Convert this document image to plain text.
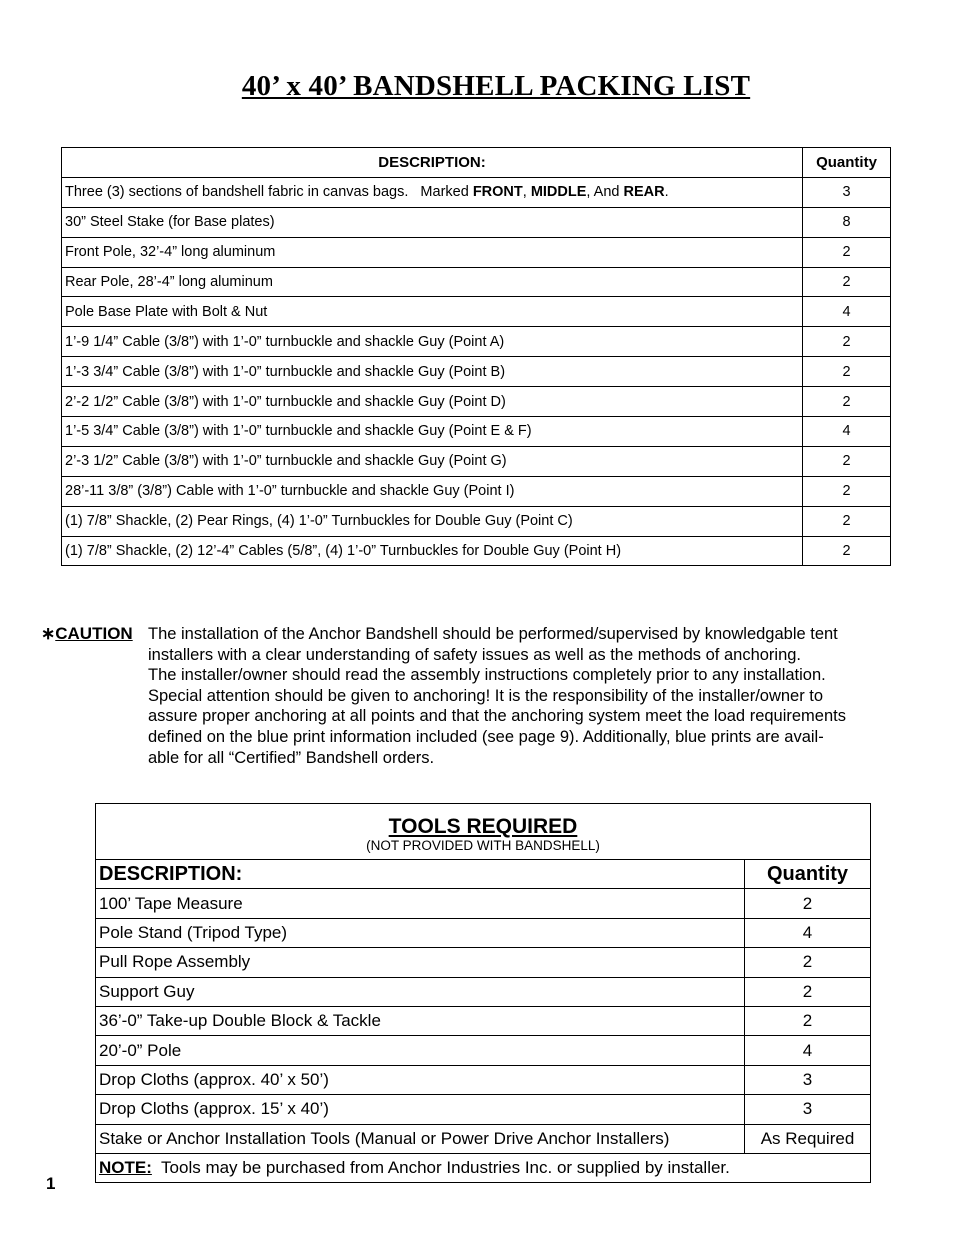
40’ x 40’ BANDSHELL PACKING LIST
DESCRIPTION:	Quantity
Three (3) sections of bandshell fabric in canvas bags.   Marked FRONT, MIDDLE, And REAR.	3
30” Steel Stake (for Base plates)	8
Front Pole, 32’-4” long aluminum	2
Rear Pole, 28’-4” long aluminum	2
Pole Base Plate with Bolt & Nut	4
1’-9 1/4” Cable (3/8”) with 1’-0” turnbuckle and shackle Guy (Point A)	2
1’-3 3/4” Cable (3/8”) with 1’-0” turnbuckle and shackle Guy (Point B)	2
2’-2 1/2” Cable (3/8”) with 1’-0” turnbuckle and shackle Guy (Point D)	2
1’-5 3/4” Cable (3/8”) with 1’-0” turnbuckle and shackle Guy (Point E & F)	4
2’-3 1/2” Cable (3/8”) with 1’-0” turnbuckle and shackle Guy (Point G)	2
28’-11 3/8” (3/8”) Cable with 1’-0” turnbuckle and shackle Guy (Point I)	2
(1) 7/8” Shackle, (2) Pear Rings, (4) 1’-0” Turnbuckles for Double Guy (Point C)	2
(1) 7/8” Shackle, (2) 12’-4” Cables (5/8”, (4) 1’-0” Turnbuckles for Double Guy (Point H)	2
∗CAUTION The installation of the Anchor Bandshell should be performed/supervised by knowledgable tent

installers with a clear understanding of safety issues as well as the methods of anchoring.

The installer/owner should read the assembly instructions completely prior to any installation.

Special attention should be given to anchoring! It is the responsibility of the installer/owner to

assure proper anchoring at all points and that the anchoring system meet the load requirements

defined on the blue print information included (see page 9). Additionally, blue prints are avail-

able for all “Certified” Bandshell orders.

TOOLS REQUIRED
(NOT PROVIDED WITH BANDSHELL)	

DESCRIPTION:	Quantity
100’ Tape Measure	2
Pole Stand (Tripod Type)	4
Pull Rope Assembly	2
Support Guy	2
36’-0” Take-up Double Block & Tackle	2
20’-0” Pole	4
Drop Cloths (approx. 40’ x 50’)	3
Drop Cloths (approx. 15’ x 40’)	3
Stake or Anchor Installation Tools (Manual or Power Drive Anchor Installers)	As Required
NOTE:  Tools may be purchased from Anchor Industries Inc. or supplied by installer.	
1
